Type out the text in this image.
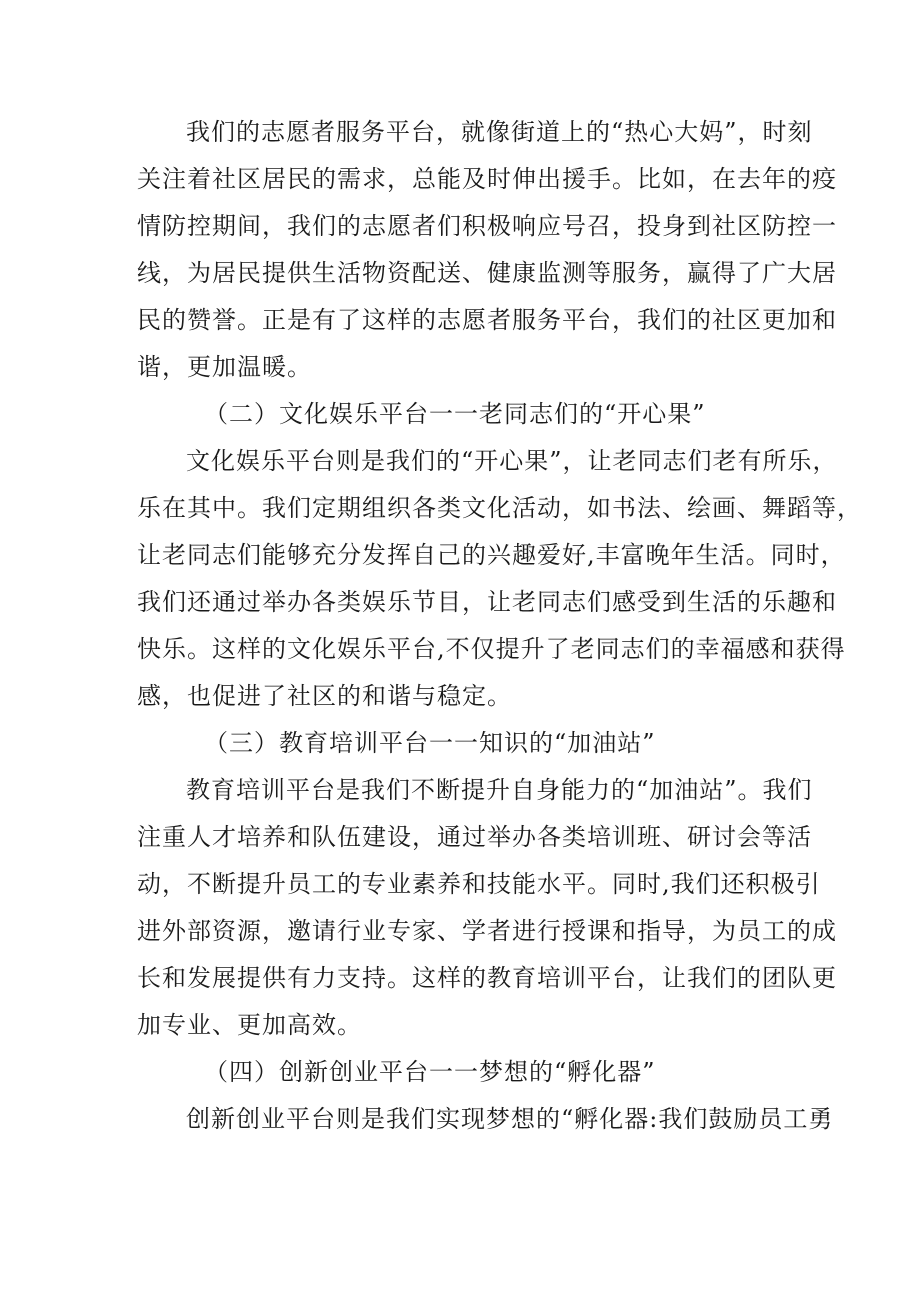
我们的志愿者服务平台，就像街道上的“热心大妈”，时刻
关注着社区居民的需求，总能及时伸出援手。比如，在去年的疫
情防控期间，我们的志愿者们积极响应号召，投身到社区防控一
线，为居民提供生活物资配送、健康监测等服务，赢得了广大居
民的赞誉。正是有了这样的志愿者服务平台，我们的社区更加和
谐，更加温暖。
（二）文化娱乐平台一一老同志们的“开心果”
文化娱乐平台则是我们的“开心果”，让老同志们老有所乐，
乐在其中。我们定期组织各类文化活动，如书法、绘画、舞蹈等，
让老同志们能够充分发挥自己的兴趣爱好,丰富晚年生活。同时，
我们还通过举办各类娱乐节目，让老同志们感受到生活的乐趣和
快乐。这样的文化娱乐平台,不仅提升了老同志们的幸福感和获得
感，也促进了社区的和谐与稳定。
（三）教育培训平台一一知识的“加油站”
教育培训平台是我们不断提升自身能力的“加油站”。我们
注重人才培养和队伍建设，通过举办各类培训班、研讨会等活
动，不断提升员工的专业素养和技能水平。同时,我们还积极引
进外部资源，邀请行业专家、学者进行授课和指导，为员工的成
长和发展提供有力支持。这样的教育培训平台，让我们的团队更
加专业、更加高效。
（四）创新创业平台一一梦想的“孵化器”
创新创业平台则是我们实现梦想的“孵化器:我们鼓励员工勇
